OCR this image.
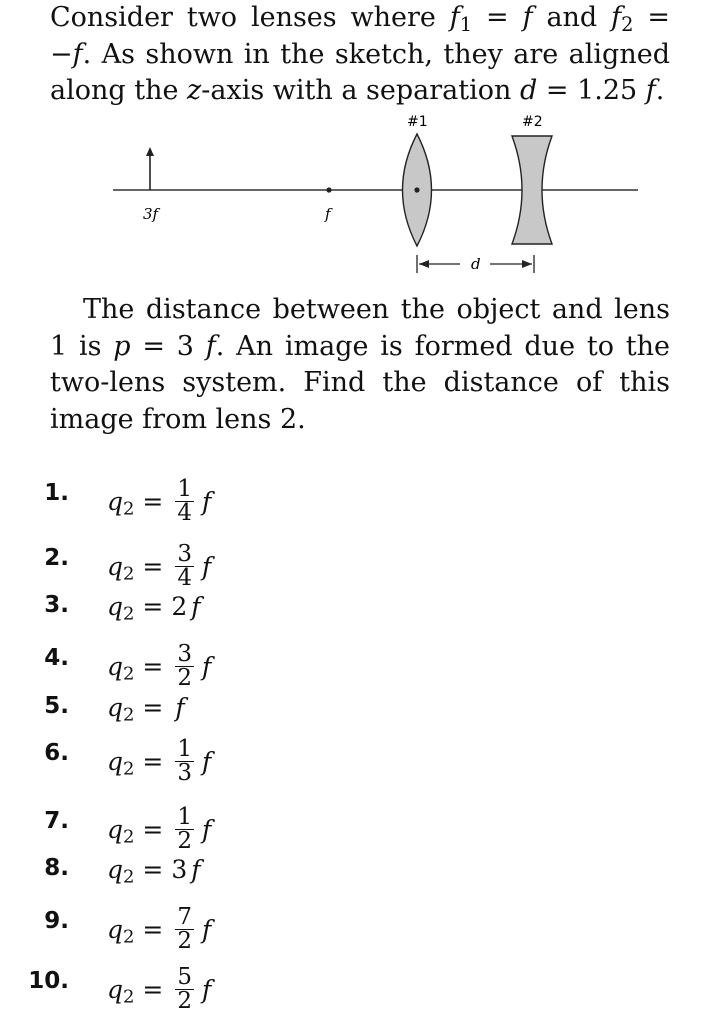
Consider two lenses where $f_1 = f$ and $f_2 = -f$. As shown in the sketch, they are aligned along the z-axis with a separation d = 1.25 f.
3f	f
#1	#2
d
The distance between the object and lens 1 is p = 3 f. An image is formed due to the two-lens system. Find the distance of this image from lens 2.
1. $q_2 = \frac{1}{4}$ f
2. $q_2 = \frac{3}{4}$ f
3. $q_2 = 2$ f
4. $q_2 = \frac{3}{2}$ f
5. $q_2 = f$
6. $q_2 = \frac{1}{3}$ f
7. $q_2 = \frac{1}{2}$ f
8. $q_2 = 3$ f
9. $q_2 = \frac{7}{2}$ f
10. $q_2 = \frac{5}{2}$ f
